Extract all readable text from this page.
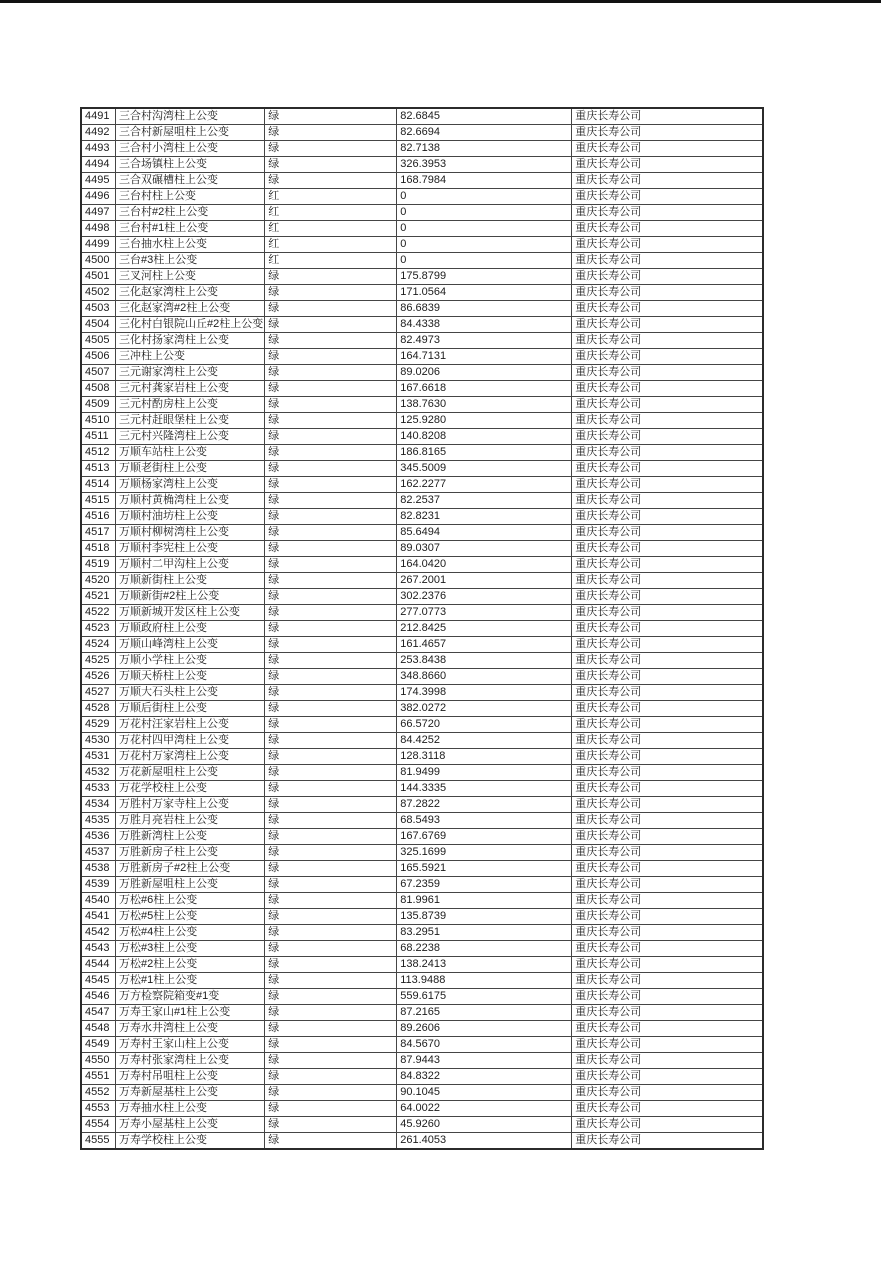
4491	三合村沟湾柱上公变	绿	82.6845	重庆长寿公司
4492	三合村新屋咀柱上公变	绿	82.6694	重庆长寿公司
4493	三合村小湾柱上公变	绿	82.7138	重庆长寿公司
4494	三合场镇柱上公变	绿	326.3953	重庆长寿公司
4495	三合双碾槽柱上公变	绿	168.7984	重庆长寿公司
4496	三台村柱上公变	红	0	重庆长寿公司
4497	三台村#2柱上公变	红	0	重庆长寿公司
4498	三台村#1柱上公变	红	0	重庆长寿公司
4499	三台抽水柱上公变	红	0	重庆长寿公司
4500	三台#3柱上公变	红	0	重庆长寿公司
4501	三叉河柱上公变	绿	175.8799	重庆长寿公司
4502	三化赵家湾柱上公变	绿	171.0564	重庆长寿公司
4503	三化赵家湾#2柱上公变	绿	86.6839	重庆长寿公司
4504	三化村白银院山丘#2柱上公变	绿	84.4338	重庆长寿公司
4505	三化村扬家湾柱上公变	绿	82.4973	重庆长寿公司
4506	三冲柱上公变	绿	164.7131	重庆长寿公司
4507	三元谢家湾柱上公变	绿	89.0206	重庆长寿公司
4508	三元村龚家岩柱上公变	绿	167.6618	重庆长寿公司
4509	三元村酌房柱上公变	绿	138.7630	重庆长寿公司
4510	三元村赶眼堡柱上公变	绿	125.9280	重庆长寿公司
4511	三元村兴隆湾柱上公变	绿	140.8208	重庆长寿公司
4512	万顺车站柱上公变	绿	186.8165	重庆长寿公司
4513	万顺老街柱上公变	绿	345.5009	重庆长寿公司
4514	万顺杨家湾柱上公变	绿	162.2277	重庆长寿公司
4515	万顺村黄桷湾柱上公变	绿	82.2537	重庆长寿公司
4516	万顺村油坊柱上公变	绿	82.8231	重庆长寿公司
4517	万顺村柳树湾柱上公变	绿	85.6494	重庆长寿公司
4518	万顺村李宪柱上公变	绿	89.0307	重庆长寿公司
4519	万顺村二甲沟柱上公变	绿	164.0420	重庆长寿公司
4520	万顺新街柱上公变	绿	267.2001	重庆长寿公司
4521	万顺新街#2柱上公变	绿	302.2376	重庆长寿公司
4522	万顺新城开发区柱上公变	绿	277.0773	重庆长寿公司
4523	万顺政府柱上公变	绿	212.8425	重庆长寿公司
4524	万顺山峰湾柱上公变	绿	161.4657	重庆长寿公司
4525	万顺小学柱上公变	绿	253.8438	重庆长寿公司
4526	万顺天桥柱上公变	绿	348.8660	重庆长寿公司
4527	万顺大石头柱上公变	绿	174.3998	重庆长寿公司
4528	万顺后街柱上公变	绿	382.0272	重庆长寿公司
4529	万花村汪家岩柱上公变	绿	66.5720	重庆长寿公司
4530	万花村四甲湾柱上公变	绿	84.4252	重庆长寿公司
4531	万花村万家湾柱上公变	绿	128.3118	重庆长寿公司
4532	万花新屋咀柱上公变	绿	81.9499	重庆长寿公司
4533	万花学校柱上公变	绿	144.3335	重庆长寿公司
4534	万胜村万家寺柱上公变	绿	87.2822	重庆长寿公司
4535	万胜月亮岩柱上公变	绿	68.5493	重庆长寿公司
4536	万胜新湾柱上公变	绿	167.6769	重庆长寿公司
4537	万胜新房子柱上公变	绿	325.1699	重庆长寿公司
4538	万胜新房子#2柱上公变	绿	165.5921	重庆长寿公司
4539	万胜新屋咀柱上公变	绿	67.2359	重庆长寿公司
4540	万松#6柱上公变	绿	81.9961	重庆长寿公司
4541	万松#5柱上公变	绿	135.8739	重庆长寿公司
4542	万松#4柱上公变	绿	83.2951	重庆长寿公司
4543	万松#3柱上公变	绿	68.2238	重庆长寿公司
4544	万松#2柱上公变	绿	138.2413	重庆长寿公司
4545	万松#1柱上公变	绿	113.9488	重庆长寿公司
4546	万方检察院箱变#1变	绿	559.6175	重庆长寿公司
4547	万寿王家山#1柱上公变	绿	87.2165	重庆长寿公司
4548	万寿水井湾柱上公变	绿	89.2606	重庆长寿公司
4549	万寿村王家山柱上公变	绿	84.5670	重庆长寿公司
4550	万寿村张家湾柱上公变	绿	87.9443	重庆长寿公司
4551	万寿村吊咀柱上公变	绿	84.8322	重庆长寿公司
4552	万寿新屋基柱上公变	绿	90.1045	重庆长寿公司
4553	万寿抽水柱上公变	绿	64.0022	重庆长寿公司
4554	万寿小屋基柱上公变	绿	45.9260	重庆长寿公司
4555	万寿学校柱上公变	绿	261.4053	重庆长寿公司
